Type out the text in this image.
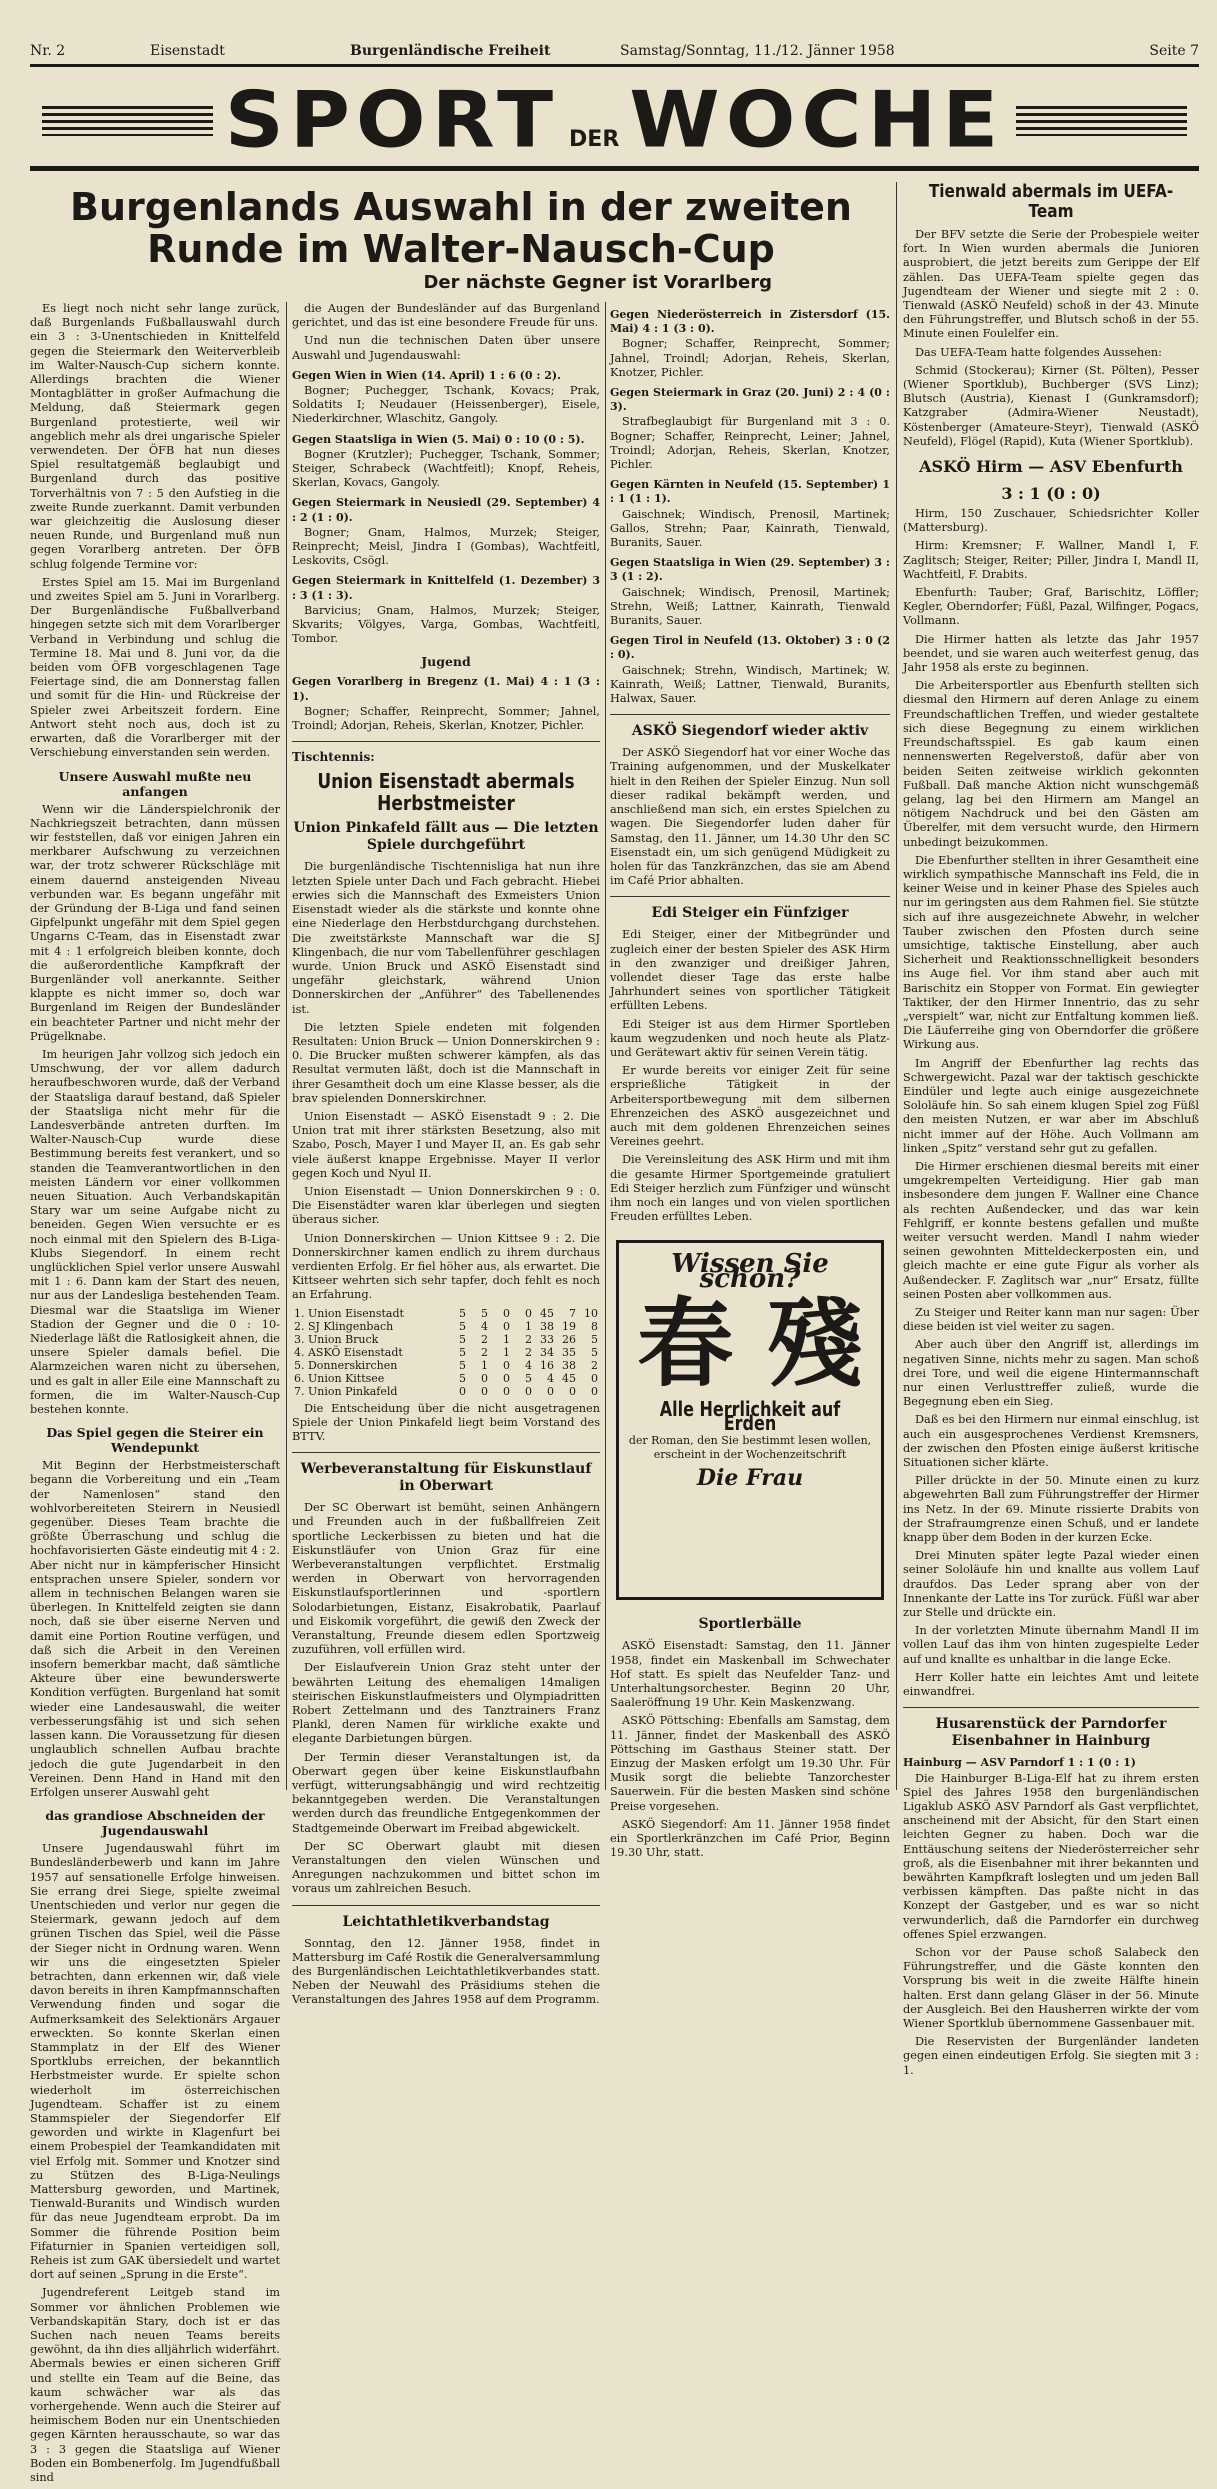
Nr. 2	Eisenstadt	Burgenländische Freiheit	Samstag/Sonntag, 11./12. Jänner 1958	Seite 7
SPORT DER WOCHE
Burgenlands Auswahl in der zweiten Runde im Walter-Nausch-Cup
Der nächste Gegner ist Vorarlberg

Es liegt noch nicht sehr lange zurück, daß Burgenlands Fußballauswahl durch ein 3 : 3-Unentschieden in Knittelfeld gegen die Steiermark den Weiterverbleib im Walter-Nausch-Cup sichern konnte. Allerdings brachten die Wiener Montagblätter in großer Aufmachung die Meldung, daß Steiermark gegen Burgenland protestierte, weil wir angeblich mehr als drei ungarische Spieler verwendeten. Der ÖFB hat nun dieses Spiel resultatgemäß beglaubigt und Burgenland durch das positive Torverhältnis von 7 : 5 den Aufstieg in die zweite Runde zuerkannt. Damit verbunden war gleichzeitig die Auslosung dieser neuen Runde, und Burgenland muß nun gegen Vorarlberg antreten. Der ÖFB schlug folgende Termine vor:

Erstes Spiel am 15. Mai im Burgenland und zweites Spiel am 5. Juni in Vorarlberg. Der Burgenländische Fußballverband hingegen setzte sich mit dem Vorarlberger Verband in Verbindung und schlug die Termine 18. Mai und 8. Juni vor, da die beiden vom ÖFB vorgeschlagenen Tage Feiertage sind, die am Donnerstag fallen und somit für die Hin- und Rückreise der Spieler zwei Arbeitszeit fordern. Eine Antwort steht noch aus, doch ist zu erwarten, daß die Vorarlberger mit der Verschiebung einverstanden sein werden.

Unsere Auswahl mußte neu anfangen

Wenn wir die Länderspielchronik der Nachkriegszeit betrachten, dann müssen wir feststellen, daß vor einigen Jahren ein merkbarer Aufschwung zu verzeichnen war, der trotz schwerer Rückschläge mit einem dauernd ansteigenden Niveau verbunden war. Es begann ungefähr mit der Gründung der B-Liga und fand seinen Gipfelpunkt ungefähr mit dem Spiel gegen Ungarns C-Team, das in Eisenstadt zwar mit 4 : 1 erfolgreich bleiben konnte, doch die außerordentliche Kampfkraft der Burgenländer voll anerkannte. Seither klappte es nicht immer so, doch war Burgenland im Reigen der Bundesländer ein beachteter Partner und nicht mehr der Prügelknabe.

Im heurigen Jahr vollzog sich jedoch ein Umschwung, der vor allem dadurch heraufbeschworen wurde, daß der Verband der Staatsliga darauf bestand, daß Spieler der Staatsliga nicht mehr für die Landesverbände antreten durften. Im Walter-Nausch-Cup wurde diese Bestimmung bereits fest verankert, und so standen die Teamverantwortlichen in den meisten Ländern vor einer vollkommen neuen Situation. Auch Verbandskapitän Stary war um seine Aufgabe nicht zu beneiden. Gegen Wien versuchte er es noch einmal mit den Spielern des B-Liga-Klubs Siegendorf. In einem recht unglücklichen Spiel verlor unsere Auswahl mit 1 : 6. Dann kam der Start des neuen, nur aus der Landesliga bestehenden Team. Diesmal war die Staatsliga im Wiener Stadion der Gegner und die 0 : 10-Niederlage läßt die Ratlosigkeit ahnen, die unsere Spieler damals befiel. Die Alarmzeichen waren nicht zu übersehen, und es galt in aller Eile eine Mannschaft zu formen, die im Walter-Nausch-Cup bestehen konnte.

Das Spiel gegen die Steirer ein Wendepunkt

Mit Beginn der Herbstmeisterschaft begann die Vorbereitung und ein „Team der Namenlosen“ stand den wohlvorbereiteten Steirern in Neusiedl gegenüber. Dieses Team brachte die größte Überraschung und schlug die hochfavorisierten Gäste eindeutig mit 4 : 2. Aber nicht nur in kämpferischer Hinsicht entsprachen unsere Spieler, sondern vor allem in technischen Belangen waren sie überlegen. In Knittelfeld zeigten sie dann noch, daß sie über eiserne Nerven und damit eine Portion Routine verfügen, und daß sich die Arbeit in den Vereinen insofern bemerkbar macht, daß sämtliche Akteure über eine bewunderswerte Kondition verfügten. Burgenland hat somit wieder eine Landesauswahl, die weiter verbesserungsfähig ist und sich sehen lassen kann. Die Voraussetzung für diesen unglaublich schnellen Aufbau brachte jedoch die gute Jugendarbeit in den Vereinen. Denn Hand in Hand mit den Erfolgen unserer Auswahl geht

das grandiose Abschneiden der Jugendauswahl

Unsere Jugendauswahl führt im Bundesländerbewerb und kann im Jahre 1957 auf sensationelle Erfolge hinweisen. Sie errang drei Siege, spielte zweimal Unentschieden und verlor nur gegen die Steiermark, gewann jedoch auf dem grünen Tischen das Spiel, weil die Pässe der Sieger nicht in Ordnung waren. Wenn wir uns die eingesetzten Spieler betrachten, dann erkennen wir, daß viele davon bereits in ihren Kampfmannschaften Verwendung finden und sogar die Aufmerksamkeit des Selektionärs Argauer erweckten. So konnte Skerlan einen Stammplatz in der Elf des Wiener Sportklubs erreichen, der bekanntlich Herbstmeister wurde. Er spielte schon wiederholt im österreichischen Jugendteam. Schaffer ist zu einem Stammspieler der Siegendorfer Elf geworden und wirkte in Klagenfurt bei einem Probespiel der Teamkandidaten mit viel Erfolg mit. Sommer und Knotzer sind zu Stützen des B-Liga-Neulings Mattersburg geworden, und Martinek, Tienwald-Buranits und Windisch wurden für das neue Jugendteam erprobt. Da im Sommer die führende Position beim Fifaturnier in Spanien verteidigen soll, Reheis ist zum GAK übersiedelt und wartet dort auf seinen „Sprung in die Erste“.

Jugendreferent Leitgeb stand im Sommer vor ähnlichen Problemen wie Verbandskapitän Stary, doch ist er das Suchen nach neuen Teams bereits gewöhnt, da ihn dies alljährlich widerfährt. Abermals bewies er einen sicheren Griff und stellte ein Team auf die Beine, das kaum schwächer war als das vorhergehende. Wenn auch die Steirer auf heimischem Boden nur ein Unentschieden gegen Kärnten herausschaute, so war das 3 : 3 gegen die Staatsliga auf Wiener Boden ein Bombenerfolg. Im Jugendfußball sind

die Augen der Bundesländer auf das Burgenland gerichtet, und das ist eine besondere Freude für uns.

Und nun die technischen Daten über unsere Auswahl und Jugendauswahl:

Gegen Wien in Wien (14. April) 1 : 6 (0 : 2).

Bogner; Puchegger, Tschank, Kovacs; Prak, Soldatits I; Neudauer (Heissenberger), Eisele, Niederkirchner, Wlaschitz, Gangoly.

Gegen Staatsliga in Wien (5. Mai) 0 : 10 (0 : 5).

Bogner (Krutzler); Puchegger, Tschank, Sommer; Steiger, Schrabeck (Wachtfeitl); Knopf, Reheis, Skerlan, Kovacs, Gangoly.

Gegen Steiermark in Neusiedl (29. September) 4 : 2 (1 : 0).

Bogner; Gnam, Halmos, Murzek; Steiger, Reinprecht; Meisl, Jindra I (Gombas), Wachtfeitl, Leskovits, Csögl.

Gegen Steiermark in Knittelfeld (1. Dezember) 3 : 3 (1 : 3).

Barvicius; Gnam, Halmos, Murzek; Steiger, Skvarits; Völgyes, Varga, Gombas, Wachtfeitl, Tombor.

Jugend
Gegen Vorarlberg in Bregenz (1. Mai) 4 : 1 (3 : 1).

Bogner; Schaffer, Reinprecht, Sommer; Jahnel, Troindl; Adorjan, Reheis, Skerlan, Knotzer, Pichler.

Tischtennis:
Union Eisenstadt abermals Herbstmeister
Union Pinkafeld fällt aus — Die letzten Spiele durchgeführt

Die burgenländische Tischtennisliga hat nun ihre letzten Spiele unter Dach und Fach gebracht. Hiebei erwies sich die Mannschaft des Exmeisters Union Eisenstadt wieder als die stärkste und konnte ohne eine Niederlage den Herbstdurchgang durchstehen. Die zweitstärkste Mannschaft war die SJ Klingenbach, die nur vom Tabellenführer geschlagen wurde. Union Bruck und ASKÖ Eisenstadt sind ungefähr gleichstark, während Union Donnerskirchen der „Anführer“ des Tabellenendes ist.

Die letzten Spiele endeten mit folgenden Resultaten: Union Bruck — Union Donnerskirchen 9 : 0. Die Brucker mußten schwerer kämpfen, als das Resultat vermuten läßt, doch ist die Mannschaft in ihrer Gesamtheit doch um eine Klasse besser, als die brav spielenden Donnerskirchner.

Union Eisenstadt — ASKÖ Eisenstadt 9 : 2. Die Union trat mit ihrer stärksten Besetzung, also mit Szabo, Posch, Mayer I und Mayer II, an. Es gab sehr viele äußerst knappe Ergebnisse. Mayer II verlor gegen Koch und Nyul II.

Union Eisenstadt — Union Donnerskirchen 9 : 0. Die Eisenstädter waren klar überlegen und siegten überaus sicher.

Union Donnerskirchen — Union Kittsee 9 : 2. Die Donnerskirchner kamen endlich zu ihrem durchaus verdienten Erfolg. Er fiel höher aus, als erwartet. Die Kittseer wehrten sich sehr tapfer, doch fehlt es noch an Erfahrung.

1. Union Eisenstadt	5	5	0	0	45	7	10
2. SJ Klingenbach	5	4	0	1	38	19	8
3. Union Bruck	5	2	1	2	33	26	5
4. ASKÖ Eisenstadt	5	2	1	2	34	35	5
5. Donnerskirchen	5	1	0	4	16	38	2
6. Union Kittsee	5	0	0	5	4	45	0
7. Union Pinkafeld	0	0	0	0	0	0	0

Die Entscheidung über die nicht ausgetragenen Spiele der Union Pinkafeld liegt beim Vorstand des BTTV.

Werbeveranstaltung für Eiskunstlauf in Oberwart

Der SC Oberwart ist bemüht, seinen Anhängern und Freunden auch in der fußballfreien Zeit sportliche Leckerbissen zu bieten und hat die Eiskunstläufer von Union Graz für eine Werbeveranstaltungen verpflichtet. Erstmalig werden in Oberwart von hervorragenden Eiskunstlaufsportlerinnen und -sportlern Solodarbietungen, Eistanz, Eisakrobatik, Paarlauf und Eiskomik vorgeführt, die gewiß den Zweck der Veranstaltung, Freunde diesem edlen Sportzweig zuzuführen, voll erfüllen wird.

Der Eislaufverein Union Graz steht unter der bewährten Leitung des ehemaligen 14maligen steirischen Eiskunstlaufmeisters und Olympiadritten Robert Zettelmann und des Tanztrainers Franz Plankl, deren Namen für wirkliche exakte und elegante Darbietungen bürgen.

Der Termin dieser Veranstaltungen ist, da Oberwart gegen über keine Eiskunstlaufbahn verfügt, witterungsabhängig und wird rechtzeitig bekanntgegeben werden. Die Veranstaltungen werden durch das freundliche Entgegenkommen der Stadtgemeinde Oberwart im Freibad abgewickelt.

Der SC Oberwart glaubt mit diesen Veranstaltungen den vielen Wünschen und Anregungen nachzukommen und bittet schon im voraus um zahlreichen Besuch.

Leichtathletikverbandstag

Sonntag, den 12. Jänner 1958, findet in Mattersburg im Café Rostik die Generalversammlung des Burgenländischen Leichtathletikverbandes statt. Neben der Neuwahl des Präsidiums stehen die Veranstaltungen des Jahres 1958 auf dem Programm.

Gegen Niederösterreich in Zistersdorf (15. Mai) 4 : 1 (3 : 0).

Bogner; Schaffer, Reinprecht, Sommer; Jahnel, Troindl; Adorjan, Reheis, Skerlan, Knotzer, Pichler.

Gegen Steiermark in Graz (20. Juni) 2 : 4 (0 : 3).

Strafbeglaubigt für Burgenland mit 3 : 0. Bogner; Schaffer, Reinprecht, Leiner; Jahnel, Troindl; Adorjan, Reheis, Skerlan, Knotzer, Pichler.

Gegen Kärnten in Neufeld (15. September) 1 : 1 (1 : 1).

Gaischnek; Windisch, Prenosil, Martinek; Gallos, Strehn; Paar, Kainrath, Tienwald, Buranits, Sauer.

Gegen Staatsliga in Wien (29. September) 3 : 3 (1 : 2).

Gaischnek; Windisch, Prenosil, Martinek; Strehn, Weiß; Lattner, Kainrath, Tienwald Buranits, Sauer.

Gegen Tirol in Neufeld (13. Oktober) 3 : 0 (2 : 0).

Gaischnek; Strehn, Windisch, Martinek; W. Kainrath, Weiß; Lattner, Tienwald, Buranits, Halwax, Sauer.

ASKÖ Siegendorf wieder aktiv

Der ASKÖ Siegendorf hat vor einer Woche das Training aufgenommen, und der Muskelkater hielt in den Reihen der Spieler Einzug. Nun soll dieser radikal bekämpft werden, und anschließend man sich, ein erstes Spielchen zu wagen. Die Siegendorfer luden daher für Samstag, den 11. Jänner, um 14.30 Uhr den SC Eisenstadt ein, um sich genügend Müdigkeit zu holen für das Tanzkränzchen, das sie am Abend im Café Prior abhalten.

Edi Steiger ein Fünfziger

Edi Steiger, einer der Mitbegründer und zugleich einer der besten Spieler des ASK Hirm in den zwanziger und dreißiger Jahren, vollendet dieser Tage das erste halbe Jahrhundert seines von sportlicher Tätigkeit erfüllten Lebens.

Edi Steiger ist aus dem Hirmer Sportleben kaum wegzudenken und noch heute als Platz- und Gerätewart aktiv für seinen Verein tätig.

Er wurde bereits vor einiger Zeit für seine ersprießliche Tätigkeit in der Arbeitersportbewegung mit dem silbernen Ehrenzeichen des ASKÖ ausgezeichnet und auch mit dem goldenen Ehrenzeichen seines Vereines geehrt.

Die Vereinsleitung des ASK Hirm und mit ihm die gesamte Hirmer Sportgemeinde gratuliert Edi Steiger herzlich zum Fünfziger und wünscht ihm noch ein langes und von vielen sportlichen Freuden erfülltes Leben.

Wissen Sie schon?
春 殘
Alle Herrlichkeit auf Erden
der Roman, den Sie bestimmt lesen wollen, erscheint in der Wochenzeitschrift
Die Frau
Sportlerbälle

ASKÖ Eisenstadt: Samstag, den 11. Jänner 1958, findet ein Maskenball im Schwechater Hof statt. Es spielt das Neufelder Tanz- und Unterhaltungsorchester. Beginn 20 Uhr, Saaleröffnung 19 Uhr. Kein Maskenzwang.

ASKÖ Pöttsching: Ebenfalls am Samstag, dem 11. Jänner, findet der Maskenball des ASKÖ Pöttsching im Gasthaus Steiner statt. Der Einzug der Masken erfolgt um 19.30 Uhr. Für Musik sorgt die beliebte Tanzorchester Sauerwein. Für die besten Masken sind schöne Preise vorgesehen.

ASKÖ Siegendorf: Am 11. Jänner 1958 findet ein Sportlerkränzchen im Café Prior, Beginn 19.30 Uhr, statt.

Tienwald abermals im UEFA-Team

Der BFV setzte die Serie der Probespiele weiter fort. In Wien wurden abermals die Junioren ausprobiert, die jetzt bereits zum Gerippe der Elf zählen. Das UEFA-Team spielte gegen das Jugendteam der Wiener und siegte mit 2 : 0. Tienwald (ASKÖ Neufeld) schoß in der 43. Minute den Führungstreffer, und Blutsch schoß in der 55. Minute einen Foulelfer ein.

Das UEFA-Team hatte folgendes Aussehen:

Schmid (Stockerau); Kirner (St. Pölten), Pesser (Wiener Sportklub), Buchberger (SVS Linz); Blutsch (Austria), Kienast I (Gunkramsdorf); Katzgraber (Admira-Wiener Neustadt), Köstenberger (Amateure-Steyr), Tienwald (ASKÖ Neufeld), Flögel (Rapid), Kuta (Wiener Sportklub).

ASKÖ Hirm — ASV Ebenfurth
3 : 1 (0 : 0)

Hirm, 150 Zuschauer, Schiedsrichter Koller (Mattersburg).

Hirm: Kremsner; F. Wallner, Mandl I, F. Zaglitsch; Steiger, Reiter; Piller, Jindra I, Mandl II, Wachtfeitl, F. Drabits.

Ebenfurth: Tauber; Graf, Barischitz, Löffler; Kegler, Oberndorfer; Füßl, Pazal, Wilfinger, Pogacs, Vollmann.

Die Hirmer hatten als letzte das Jahr 1957 beendet, und sie waren auch weiterfest genug, das Jahr 1958 als erste zu beginnen.

Die Arbeitersportler aus Ebenfurth stellten sich diesmal den Hirmern auf deren Anlage zu einem Freundschaftlichen Treffen, und wieder gestaltete sich diese Begegnung zu einem wirklichen Freundschaftsspiel. Es gab kaum einen nennenswerten Regelverstoß, dafür aber von beiden Seiten zeitweise wirklich gekonnten Fußball. Daß manche Aktion nicht wunschgemäß gelang, lag bei den Hirmern am Mangel an nötigem Nachdruck und bei den Gästen am Überelfer, mit dem versucht wurde, den Hirmern unbedingt beizukommen.

Die Ebenfurther stellten in ihrer Gesamtheit eine wirklich sympathische Mannschaft ins Feld, die in keiner Weise und in keiner Phase des Spieles auch nur im geringsten aus dem Rahmen fiel. Sie stützte sich auf ihre ausgezeichnete Abwehr, in welcher Tauber zwischen den Pfosten durch seine umsichtige, taktische Einstellung, aber auch Sicherheit und Reaktionsschnelligkeit besonders ins Auge fiel. Vor ihm stand aber auch mit Barischitz ein Stopper von Format. Ein gewiegter Taktiker, der den Hirmer Innentrio, das zu sehr „verspielt“ war, nicht zur Entfaltung kommen ließ. Die Läuferreihe ging von Oberndorfer die größere Wirkung aus.

Im Angriff der Ebenfurther lag rechts das Schwergewicht. Pazal war der taktisch geschickte Eindüler und legte auch einige ausgezeichnete Sololäufe hin. So sah einem klugen Spiel zog Füßl den meisten Nutzen, er war aber im Abschluß nicht immer auf der Höhe. Auch Vollmann am linken „Spitz“ verstand sehr gut zu gefallen.

Die Hirmer erschienen diesmal bereits mit einer umgekrempelten Verteidigung. Hier gab man insbesondere dem jungen F. Wallner eine Chance als rechten Außendecker, und das war kein Fehlgriff, er konnte bestens gefallen und mußte weiter versucht werden. Mandl I nahm wieder seinen gewohnten Mitteldeckerposten ein, und gleich machte er eine gute Figur als vorher als Außendecker. F. Zaglitsch war „nur“ Ersatz, füllte seinen Posten aber vollkommen aus.

Zu Steiger und Reiter kann man nur sagen: Über diese beiden ist viel weiter zu sagen.

Aber auch über den Angriff ist, allerdings im negativen Sinne, nichts mehr zu sagen. Man schoß drei Tore, und weil die eigene Hintermannschaft nur einen Verlusttreffer zuließ, wurde die Begegnung eben ein Sieg.

Daß es bei den Hirmern nur einmal einschlug, ist auch ein ausgesprochenes Verdienst Kremsners, der zwischen den Pfosten einige äußerst kritische Situationen sicher klärte.

Piller drückte in der 50. Minute einen zu kurz abgewehrten Ball zum Führungstreffer der Hirmer ins Netz. In der 69. Minute rissierte Drabits von der Strafraumgrenze einen Schuß, und er landete knapp über dem Boden in der kurzen Ecke.

Drei Minuten später legte Pazal wieder einen seiner Sololäufe hin und knallte aus vollem Lauf draufdos. Das Leder sprang aber von der Innenkante der Latte ins Tor zurück. Füßl war aber zur Stelle und drückte ein.

In der vorletzten Minute übernahm Mandl II im vollen Lauf das ihm von hinten zugespielte Leder auf und knallte es unhaltbar in die lange Ecke.

Herr Koller hatte ein leichtes Amt und leitete einwandfrei.

Husarenstück der Parndorfer Eisenbahner in Hainburg
Hainburg — ASV Parndorf 1 : 1 (0 : 1)

Die Hainburger B-Liga-Elf hat zu ihrem ersten Spiel des Jahres 1958 den burgenländischen Ligaklub ASKÖ ASV Parndorf als Gast verpflichtet, anscheinend mit der Absicht, für den Start einen leichten Gegner zu haben. Doch war die Enttäuschung seitens der Niederösterreicher sehr groß, als die Eisenbahner mit ihrer bekannten und bewährten Kampfkraft loslegten und um jeden Ball verbissen kämpften. Das paßte nicht in das Konzept der Gastgeber, und es war so nicht verwunderlich, daß die Parndorfer ein durchweg offenes Spiel erzwangen.

Schon vor der Pause schoß Salabeck den Führungstreffer, und die Gäste konnten den Vorsprung bis weit in die zweite Hälfte hinein halten. Erst dann gelang Gläser in der 56. Minute der Ausgleich. Bei den Hausherren wirkte der vom Wiener Sportklub übernommene Gassenbauer mit.

Die Reservisten der Burgenländer landeten gegen einen eindeutigen Erfolg. Sie siegten mit 3 : 1.
